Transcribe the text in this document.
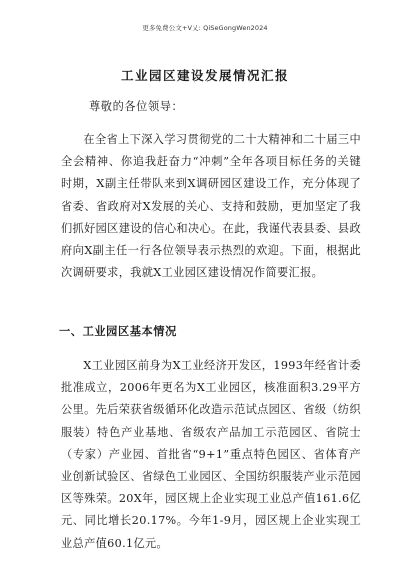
更多免费公文+V乂: QiSeGongWen2024
工业园区建设发展情况汇报
尊敬的各位领导：

在全省上下深入学习贯彻党的二十大精神和二十届三中全会精神、你追我赶奋力“冲刺”全年各项目标任务的关键时期，X副主任带队来到X调研园区建设工作，充分体现了省委、省政府对X发展的关心、支持和鼓励，更加坚定了我们抓好园区建设的信心和决心。在此，我谨代表县委、县政府向X副主任一行各位领导表示热烈的欢迎。下面，根据此次调研要求，我就X工业园区建设情况作简要汇报。

一、工业园区基本情况

X工业园区前身为X工业经济开发区，1993年经省计委批准成立，2006年更名为X工业园区，核准面积3.29平方公里。先后荣获省级循环化改造示范试点园区、省级（纺织服装）特色产业基地、省级农产品加工示范园区、省院士（专家）产业园、首批省“9+1”重点特色园区、省体育产业创新试验区、省绿色工业园区、全国纺织服装产业示范园区等殊荣。20X年，园区规上企业实现工业总产值161.6亿元、同比增长20.17%。今年1-9月，园区规上企业实现工业总产值60.1亿元。
